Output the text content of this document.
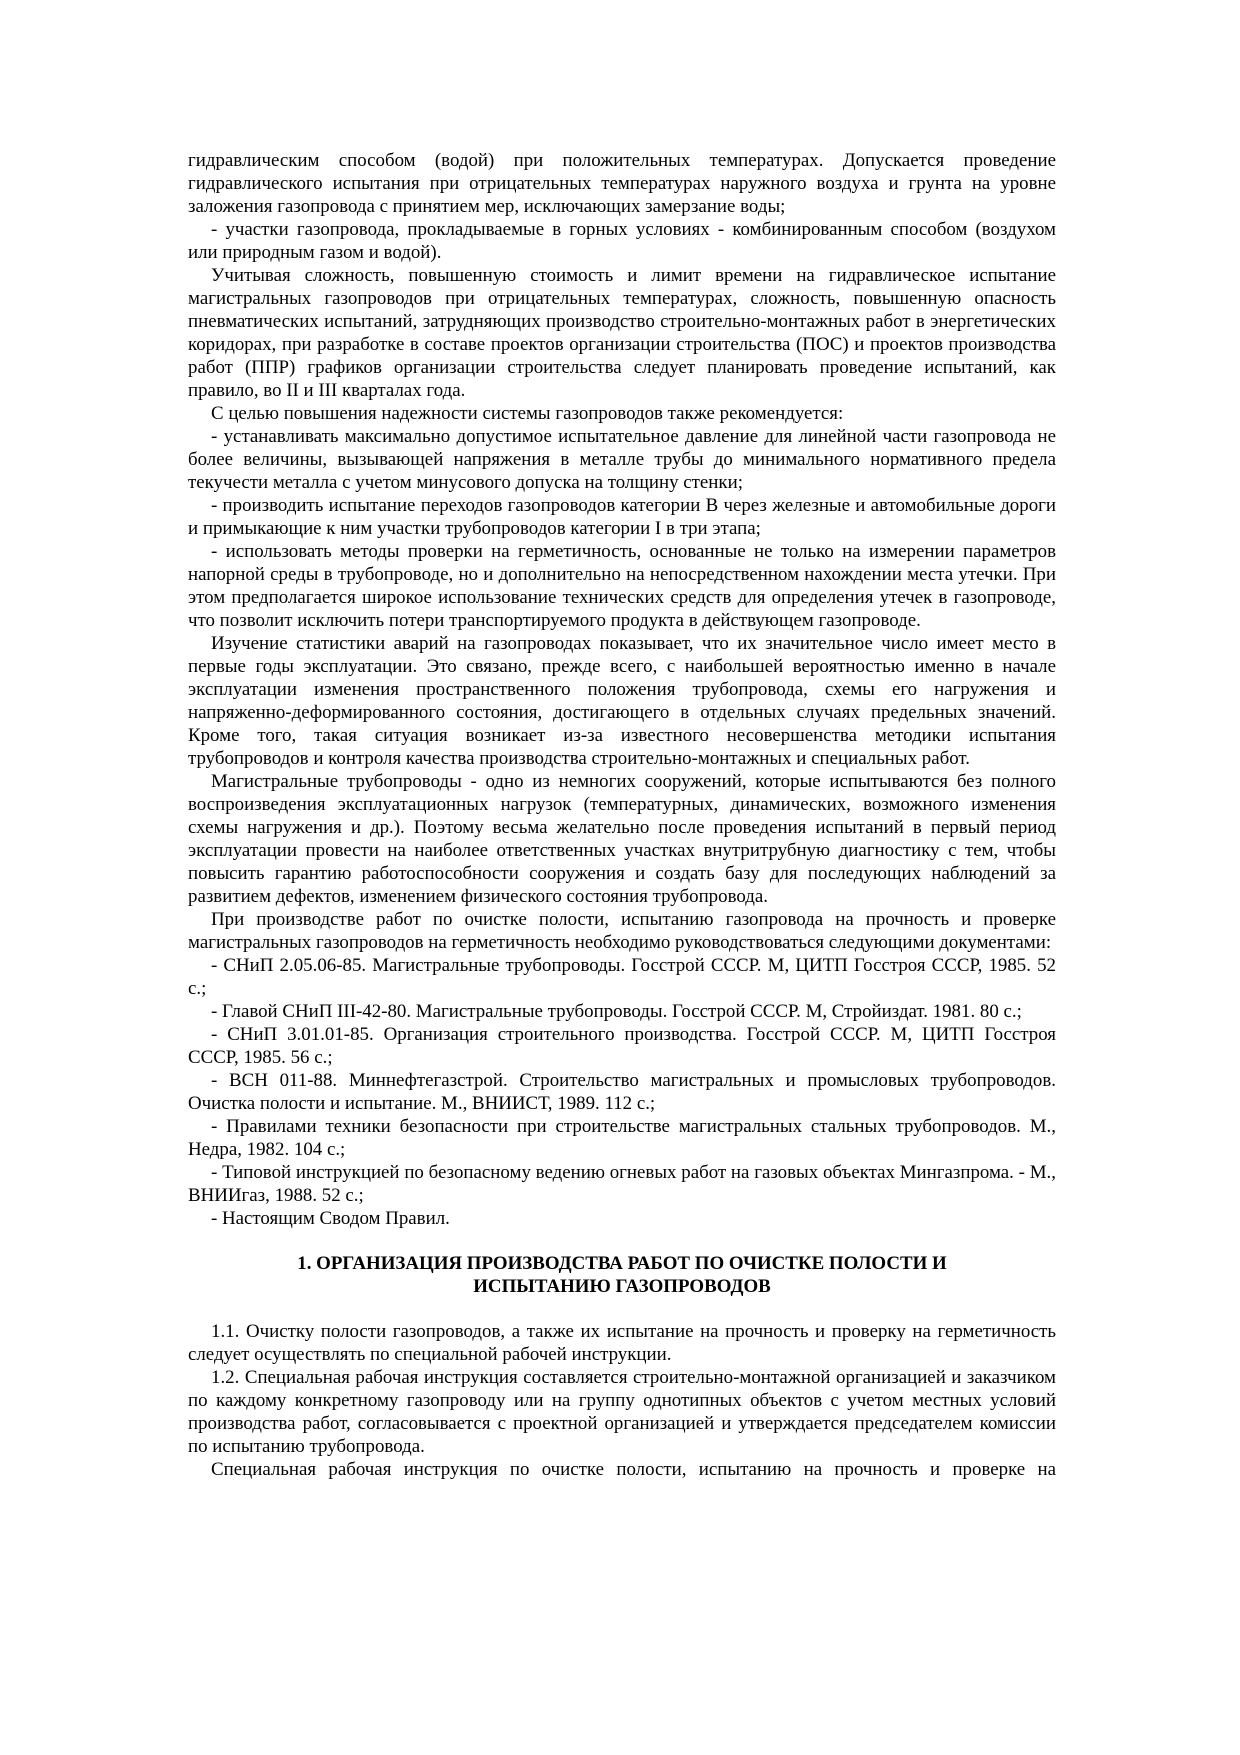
гидравлическим способом (водой) при положительных температурах. Допускается проведение гидравлического испытания при отрицательных температурах наружного воздуха и грунта на уровне заложения газопровода с принятием мер, исключающих замерзание воды;

- участки газопровода, прокладываемые в горных условиях - комбинированным способом (воздухом или природным газом и водой).

Учитывая сложность, повышенную стоимость и лимит времени на гидравлическое испытание магистральных газопроводов при отрицательных температурах, сложность, повышенную опасность пневматических испытаний, затрудняющих производство строительно-монтажных работ в энергетических коридорах, при разработке в составе проектов организации строительства (ПОС) и проектов производства работ (ППР) графиков организации строительства следует планировать проведение испытаний, как правило, во II и III кварталах года.

С целью повышения надежности системы газопроводов также рекомендуется:

- устанавливать максимально допустимое испытательное давление для линейной части газопровода не более величины, вызывающей напряжения в металле трубы до минимального нормативного предела текучести металла с учетом минусового допуска на толщину стенки;

- производить испытание переходов газопроводов категории В через железные и автомобильные дороги и примыкающие к ним участки трубопроводов категории I в три этапа;

- использовать методы проверки на герметичность, основанные не только на измерении параметров напорной среды в трубопроводе, но и дополнительно на непосредственном нахождении места утечки. При этом предполагается широкое использование технических средств для определения утечек в газопроводе, что позволит исключить потери транспортируемого продукта в действующем газопроводе.

Изучение статистики аварий на газопроводах показывает, что их значительное число имеет место в первые годы эксплуатации. Это связано, прежде всего, с наибольшей вероятностью именно в начале эксплуатации изменения пространственного положения трубопровода, схемы его нагружения и напряженно-деформированного состояния, достигающего в отдельных случаях предельных значений. Кроме того, такая ситуация возникает из-за известного несовершенства методики испытания трубопроводов и контроля качества производства строительно-монтажных и специальных работ.

Магистральные трубопроводы - одно из немногих сооружений, которые испытываются без полного воспроизведения эксплуатационных нагрузок (температурных, динамических, возможного изменения схемы нагружения и др.). Поэтому весьма желательно после проведения испытаний в первый период эксплуатации провести на наиболее ответственных участках внутритрубную диагностику с тем, чтобы повысить гарантию работоспособности сооружения и создать базу для последующих наблюдений за развитием дефектов, изменением физического состояния трубопровода.

При производстве работ по очистке полости, испытанию газопровода на прочность и проверке магистральных газопроводов на герметичность необходимо руководствоваться следующими документами:

- СНиП 2.05.06-85. Магистральные трубопроводы. Госстрой СССР. М, ЦИТП Госстроя СССР, 1985. 52 с.;

- Главой СНиП III-42-80. Магистральные трубопроводы. Госстрой СССР. М, Стройиздат. 1981. 80 с.;

- СНиП 3.01.01-85. Организация строительного производства. Госстрой СССР. М, ЦИТП Госстроя СССР, 1985. 56 с.;

- ВСН 011-88. Миннефтегазстрой. Строительство магистральных и промысловых трубопроводов. Очистка полости и испытание. М., ВНИИСТ, 1989. 112 с.;

- Правилами техники безопасности при строительстве магистральных стальных трубопроводов. М., Недра, 1982. 104 с.;

- Типовой инструкцией по безопасному ведению огневых работ на газовых объектах Мингазпрома. - М., ВНИИгаз, 1988. 52 с.;

- Настоящим Сводом Правил.

1. ОРГАНИЗАЦИЯ ПРОИЗВОДСТВА РАБОТ ПО ОЧИСТКЕ ПОЛОСТИ И
ИСПЫТАНИЮ ГАЗОПРОВОДОВ

1.1. Очистку полости газопроводов, а также их испытание на прочность и проверку на герметичность следует осуществлять по специальной рабочей инструкции.

1.2. Специальная рабочая инструкция составляется строительно-монтажной организацией и заказчиком по каждому конкретному газопроводу или на группу однотипных объектов с учетом местных условий производства работ, согласовывается с проектной организацией и утверждается председателем комиссии по испытанию трубопровода.

Специальная рабочая инструкция по очистке полости, испытанию на прочность и проверке на
